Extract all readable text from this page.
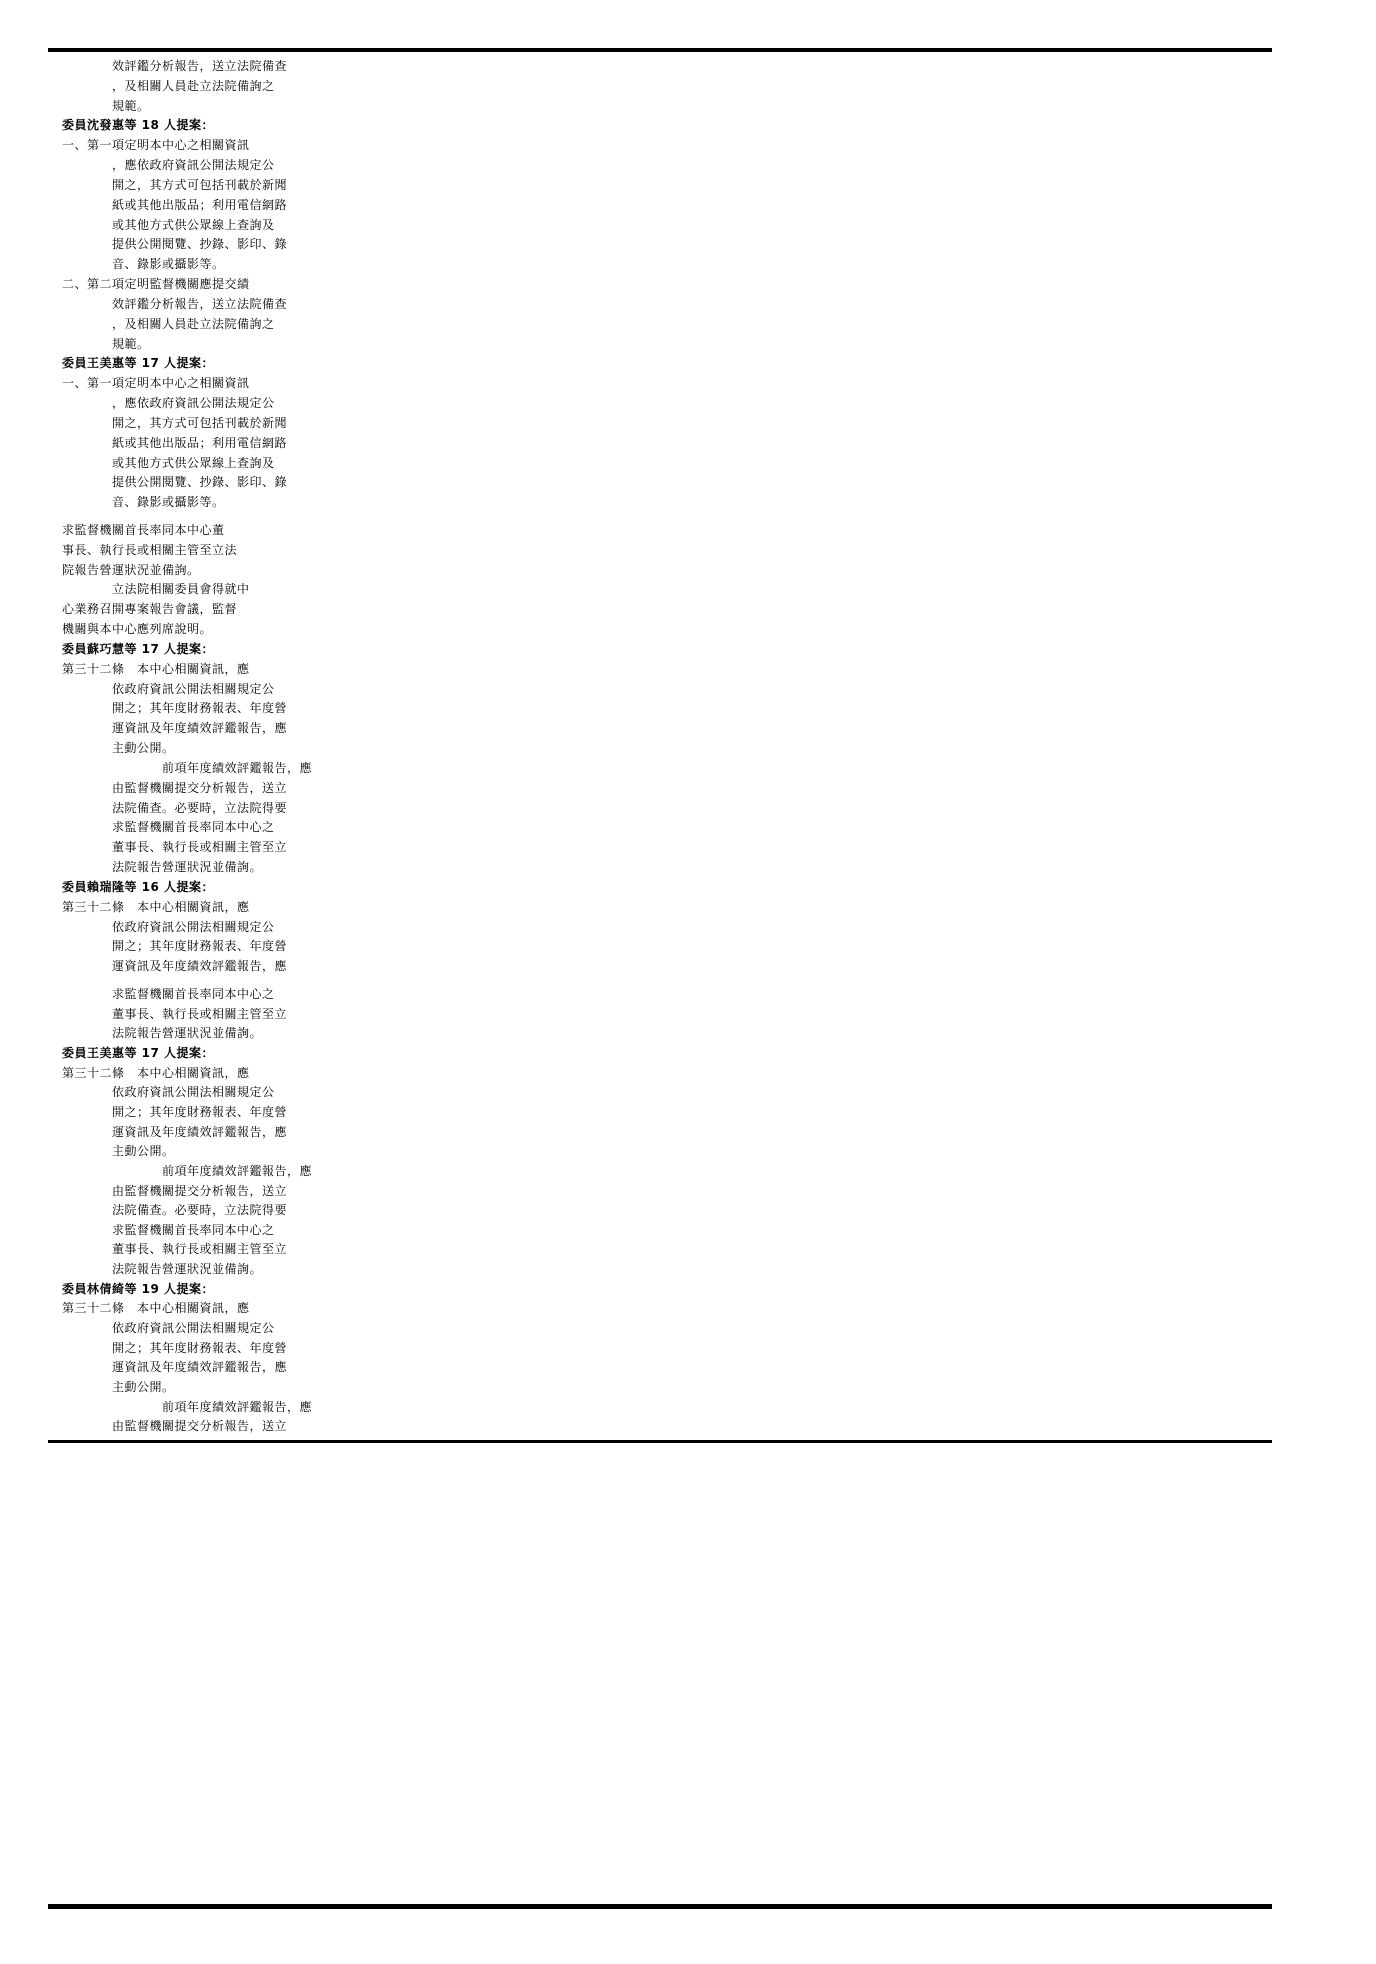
效評鑑分析報告，送立法院備查
，及相關人員赴立法院備詢之
規範。
委員沈發惠等 18 人提案：
一、第一項定明本中心之相關資訊
，應依政府資訊公開法規定公
開之，其方式可包括刊載於新聞
紙或其他出版品；利用電信網路
或其他方式供公眾線上查詢及
提供公開閱覽、抄錄、影印、錄
音、錄影或攝影等。
二、第二項定明監督機關應提交績
效評鑑分析報告，送立法院備查
，及相關人員赴立法院備詢之
規範。
委員王美惠等 17 人提案：
一、第一項定明本中心之相關資訊
，應依政府資訊公開法規定公
開之，其方式可包括刊載於新聞
紙或其他出版品；利用電信網路
或其他方式供公眾線上查詢及
提供公開閱覽、抄錄、影印、錄
音、錄影或攝影等。
求監督機關首長率同本中心董
事長、執行長或相關主管至立法
院報告營運狀況並備詢。
立法院相關委員會得就中
心業務召開專案報告會議，監督
機關與本中心應列席說明。
委員蘇巧慧等 17 人提案：
第三十二條　本中心相關資訊，應
依政府資訊公開法相關規定公
開之；其年度財務報表、年度營
運資訊及年度績效評鑑報告，應
主動公開。
前項年度績效評鑑報告，應
由監督機關提交分析報告，送立
法院備查。必要時，立法院得要
求監督機關首長率同本中心之
董事長、執行長或相關主管至立
法院報告營運狀況並備詢。
委員賴瑞隆等 16 人提案：
第三十二條　本中心相關資訊，應
依政府資訊公開法相關規定公
開之；其年度財務報表、年度營
運資訊及年度績效評鑑報告，應
求監督機關首長率同本中心之
董事長、執行長或相關主管至立
法院報告營運狀況並備詢。
委員王美惠等 17 人提案：
第三十二條　本中心相關資訊，應
依政府資訊公開法相關規定公
開之；其年度財務報表、年度營
運資訊及年度績效評鑑報告，應
主動公開。
前項年度績效評鑑報告，應
由監督機關提交分析報告，送立
法院備查。必要時，立法院得要
求監督機關首長率同本中心之
董事長、執行長或相關主管至立
法院報告營運狀況並備詢。
委員林倩綺等 19 人提案：
第三十二條　本中心相關資訊，應
依政府資訊公開法相關規定公
開之；其年度財務報表、年度營
運資訊及年度績效評鑑報告，應
主動公開。
前項年度績效評鑑報告，應
由監督機關提交分析報告，送立
